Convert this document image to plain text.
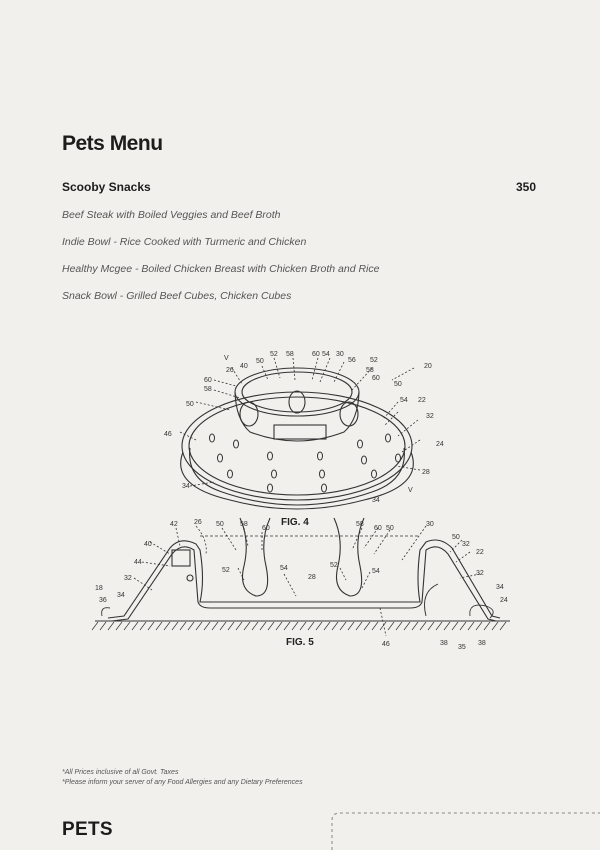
Pets Menu
Scooby Snacks	350
Beef Steak with Boiled Veggies and Beef Broth
Indie Bowl - Rice Cooked with Turmeric and Chicken
Healthy Mcgee - Boiled Chicken Breast with Chicken Broth and Rice
Snack Bowl - Grilled Beef Cubes, Chicken Cubes
FIG. 4
V
26
40
50
52 58	60 54 30
56 52
58
60
20
60
58
50
50
54 22
32
46
24
28
34
34
V
FIG. 5
42 26 50 58
60
58
60 50
30
40
50
32
22
44
52	54
28
52
54	32
18
32
36
34
34
24
46	38
35
38
*All Prices inclusive of all Govt. Taxes
*Please inform your server of any Food Allergies and any Dietary Preferences
PETS
